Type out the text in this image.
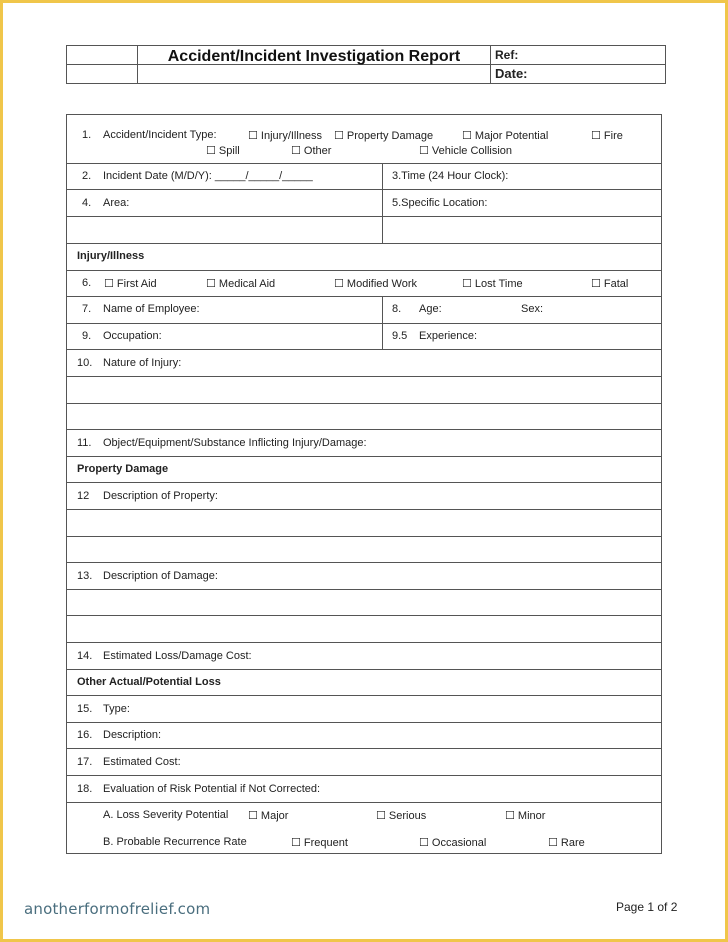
Accident/Incident Investigation Report	Ref:
Date:
1. Accident/Incident Type:	☐ Injury/Illness ☐ Property Damage	☐ Major Potential	☐ Fire
☐ Spill	☐ Other	☐ Vehicle Collision
2. Incident Date (M/D/Y): _____/_____/_____	3.Time (24 Hour Clock):
4. Area:	5.Specific Location:
Injury/Illness
6. ☐ First Aid	☐ Medical Aid	☐ Modified Work	☐ Lost Time	☐ Fatal
7. Name of Employee:	8. Age:	Sex:
9. Occupation:	9.5 Experience:
10. Nature of Injury:
11. Object/Equipment/Substance Inflicting Injury/Damage:
Property Damage
12 Description of Property:
13. Description of Damage:
14. Estimated Loss/Damage Cost:
Other Actual/Potential Loss
15. Type:
16. Description:
17. Estimated Cost:
18. Evaluation of Risk Potential if Not Corrected:
A. Loss Severity Potential ☐ Major	☐ Serious	☐ Minor
B. Probable Recurrence Rate	☐ Frequent	☐ Occasional	☐ Rare
anotherformofrelief.com	Page 1 of 2
